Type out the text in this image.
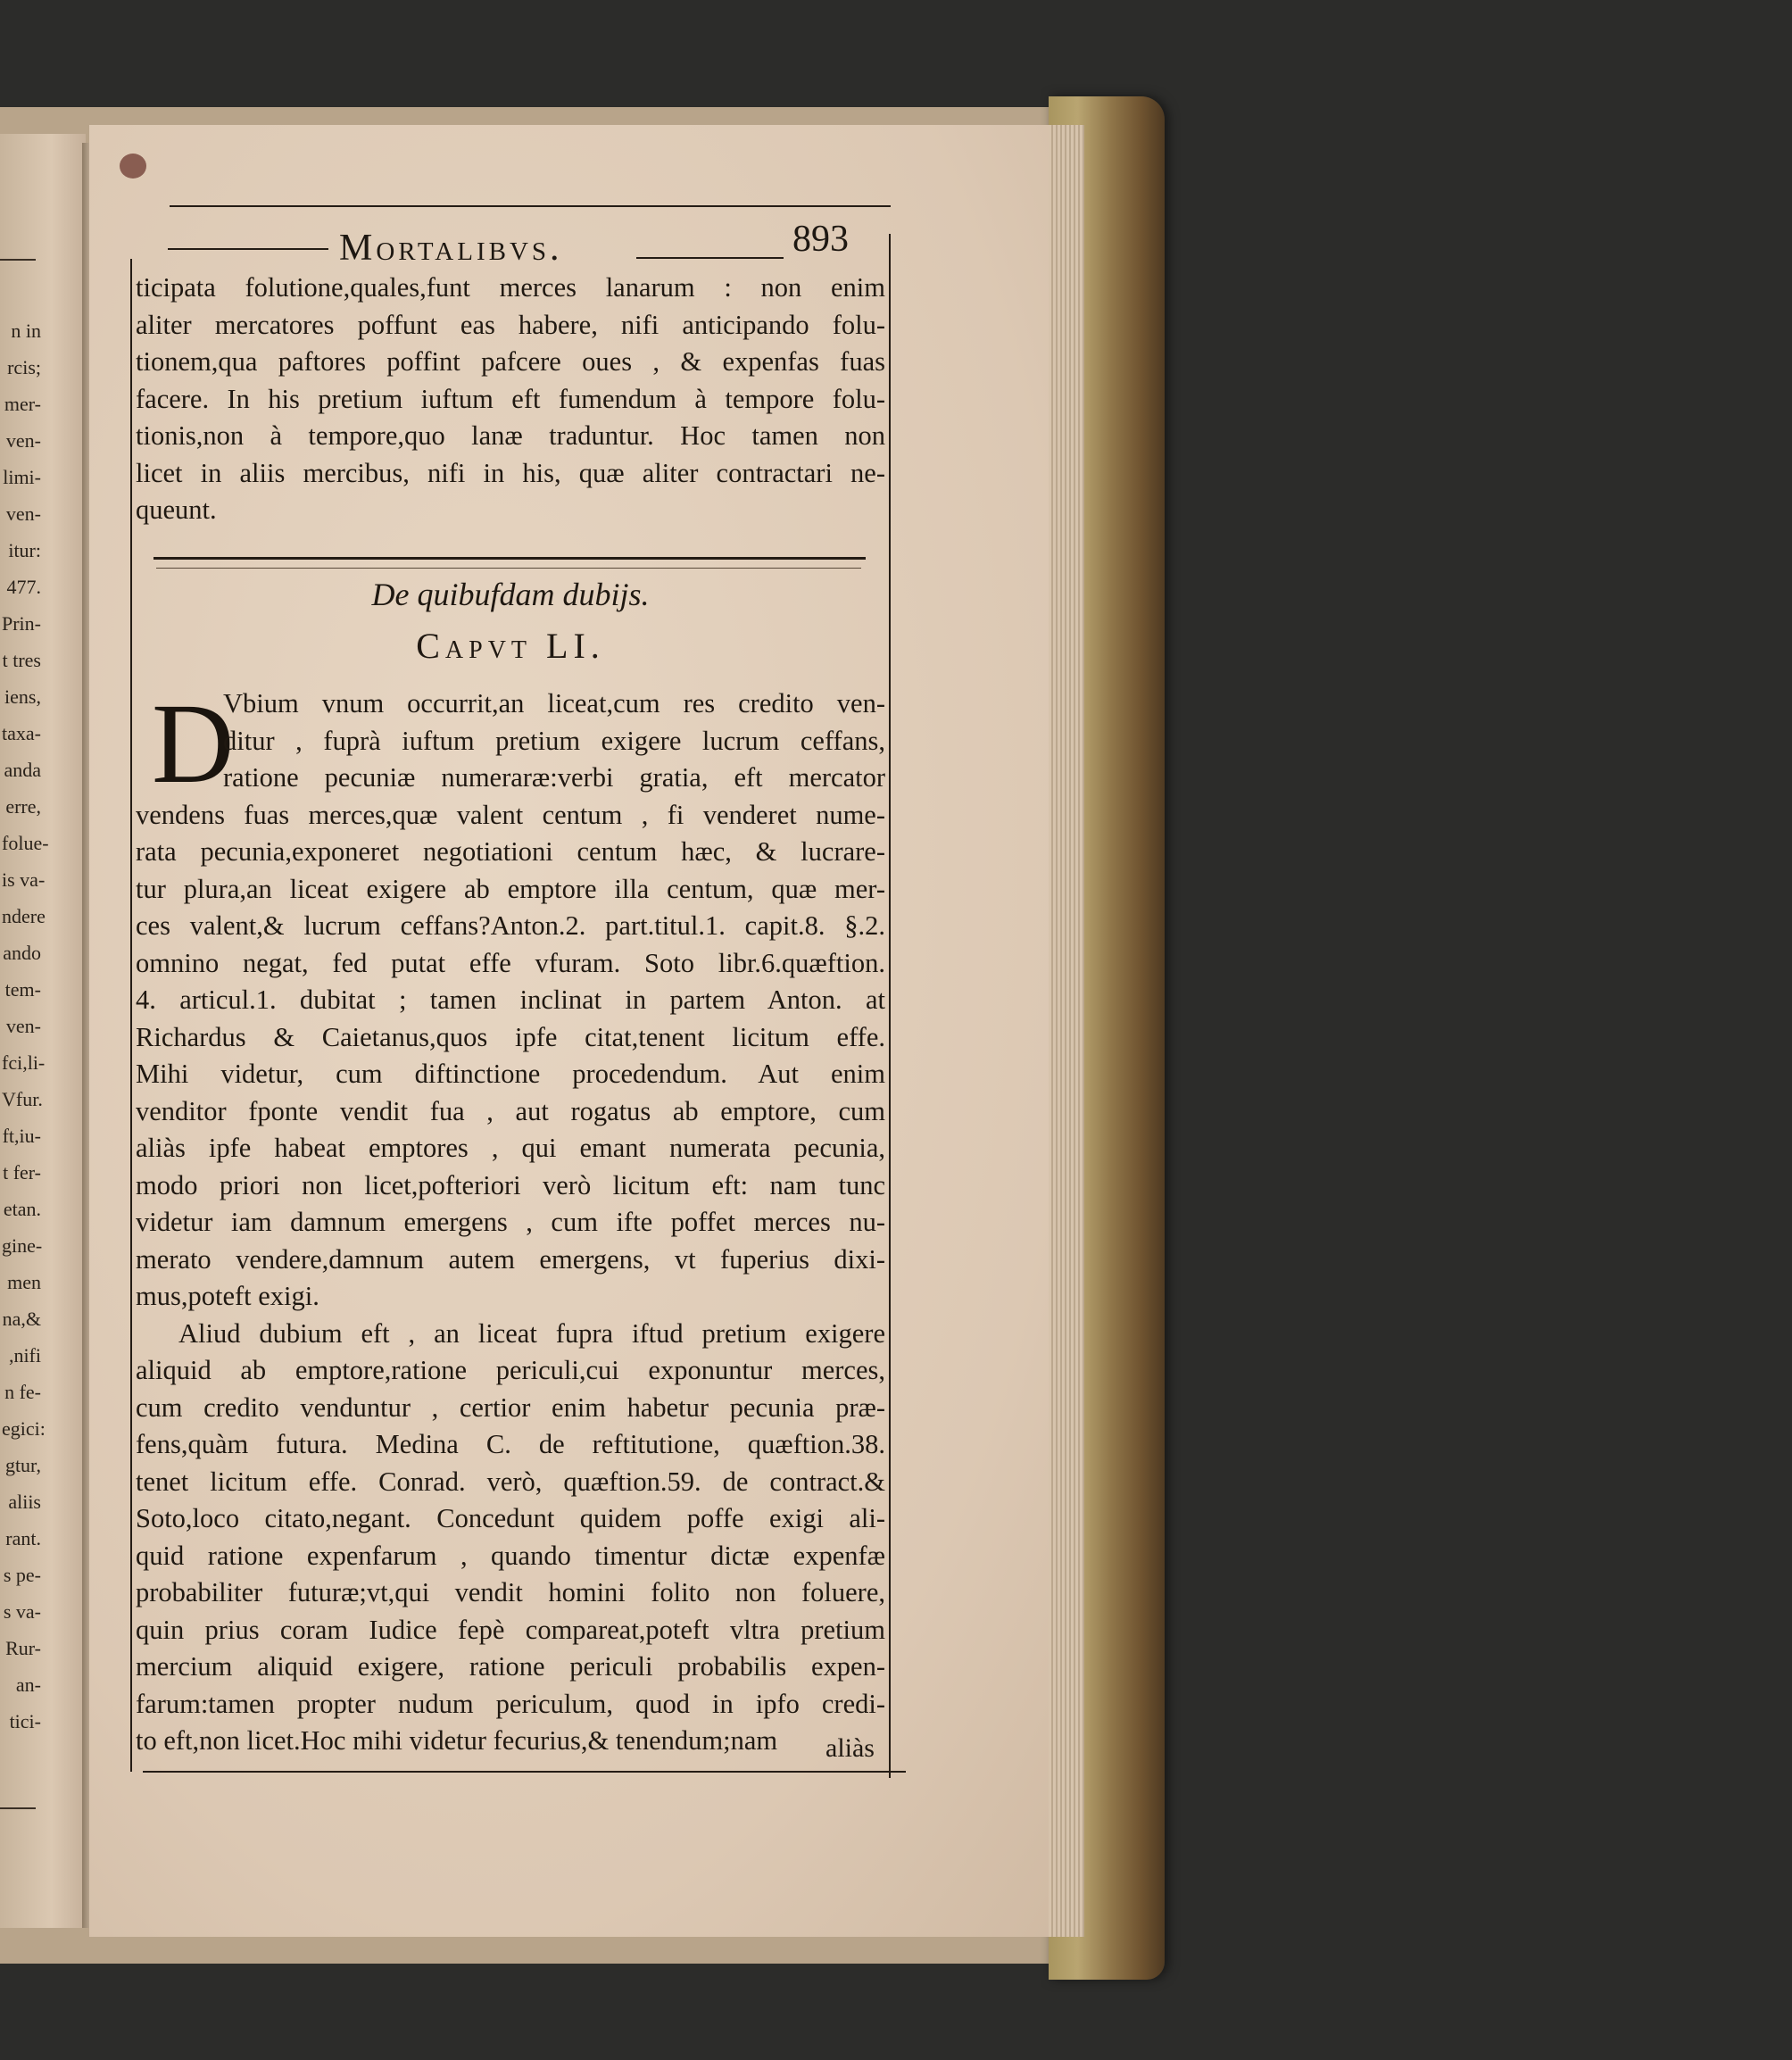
n in
rcis;
mer-
ven-
limi-
ven-
itur:
477.
Prin-
t tres
iens,
taxa-
anda
erre,
folue-
is va-
ndere
ando
tem-
ven-
fci,li-
Vfur.
ft,iu-
t fer-
etan.
gine-
men
na,&
,nifi
n fe-
egici:
gtur,
aliis
rant.
s pe-
s va-
Rur-
an-
tici-
Mortalibvs.	893
ticipata folutione,quales,funt merces lanarum : non enim
aliter mercatores poffunt eas habere, nifi anticipando folu-
tionem,qua paftores poffint pafcere oues , & expenfas fuas
facere. In his pretium iuftum eft fumendum à tempore folu-
tionis,non à tempore,quo lanæ traduntur. Hoc tamen non
licet in aliis mercibus, nifi in his, quæ aliter contractari ne-
queunt.
De quibufdam dubijs.
Capvt LI.
D
Vbium vnum occurrit,an liceat,cum res credito ven-
ditur , fuprà iuftum pretium exigere lucrum ceffans,
ratione pecuniæ numeraræ:verbi gratia, eft mercator
vendens fuas merces,quæ valent centum , fi venderet nume-
rata pecunia,exponeret negotiationi centum hæc, & lucrare-
tur plura,an liceat exigere ab emptore illa centum, quæ mer-
ces valent,& lucrum ceffans?Anton.2. part.titul.1. capit.8. §.2.
omnino negat, fed putat effe vfuram. Soto libr.6.quæftion.
4. articul.1. dubitat ; tamen inclinat in partem Anton. at
Richardus & Caietanus,quos ipfe citat,tenent licitum effe.
Mihi videtur, cum diftinctione procedendum. Aut enim
venditor fponte vendit fua , aut rogatus ab emptore, cum
aliàs ipfe habeat emptores , qui emant numerata pecunia,
modo priori non licet,pofteriori verò licitum eft: nam tunc
videtur iam damnum emergens , cum ifte poffet merces nu-
merato vendere,damnum autem emergens, vt fuperius dixi-
mus,poteft exigi.
Aliud dubium eft , an liceat fupra iftud pretium exigere
aliquid ab emptore,ratione periculi,cui exponuntur merces,
cum credito venduntur , certior enim habetur pecunia præ-
fens,quàm futura. Medina C. de reftitutione, quæftion.38.
tenet licitum effe. Conrad. verò, quæftion.59. de contract.&
Soto,loco citato,negant. Concedunt quidem poffe exigi ali-
quid ratione expenfarum , quando timentur dictæ expenfæ
probabiliter futuræ;vt,qui vendit homini folito non foluere,
quin prius coram Iudice fepè compareat,poteft vltra pretium
mercium aliquid exigere, ratione periculi probabilis expen-
farum:tamen propter nudum periculum, quod in ipfo credi-
to eft,non licet.Hoc mihi videtur fecurius,& tenendum;nam	aliàs
